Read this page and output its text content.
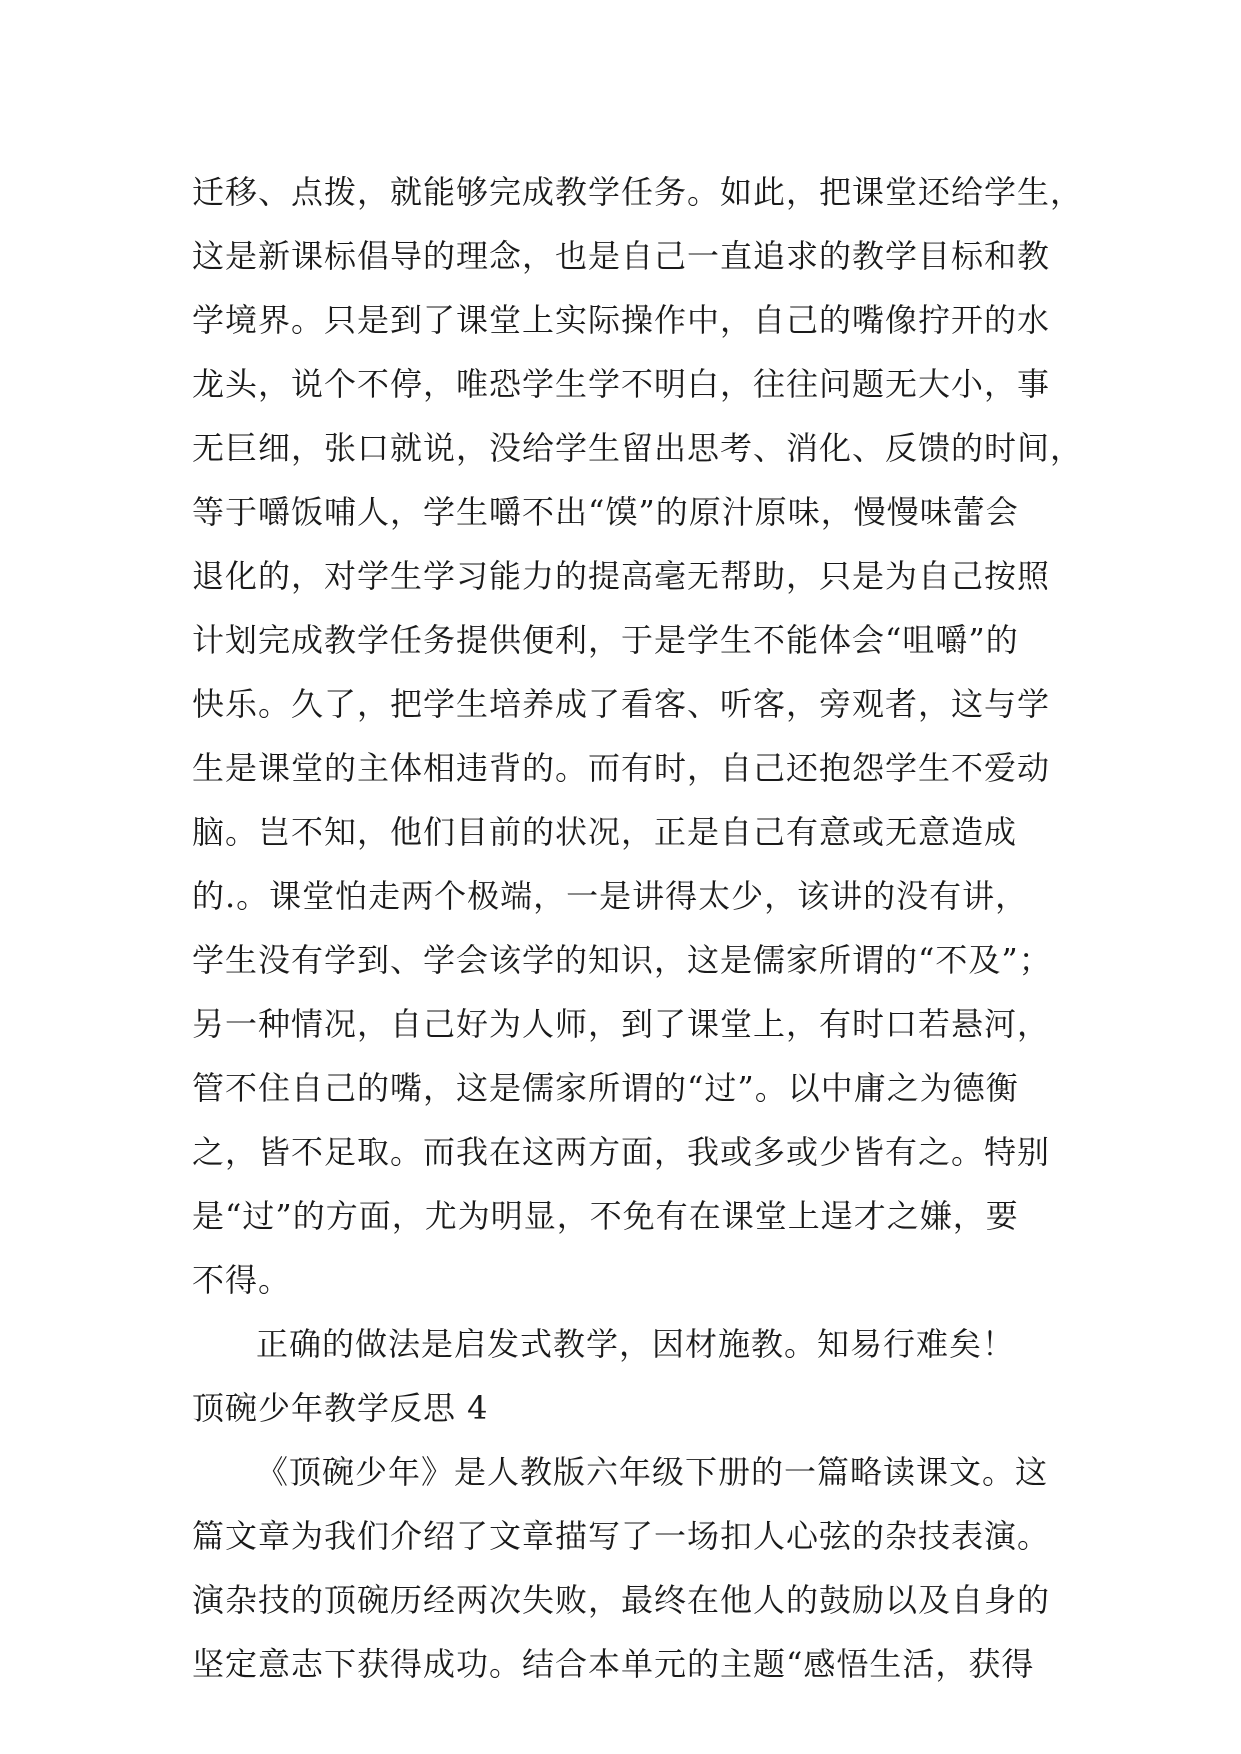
迁移、点拨，就能够完成教学任务。如此，把课堂还给学生，
这是新课标倡导的理念，也是自己一直追求的教学目标和教
学境界。只是到了课堂上实际操作中，自己的嘴像拧开的水
龙头，说个不停，唯恐学生学不明白，往往问题无大小，事
无巨细，张口就说，没给学生留出思考、消化、反馈的时间，
等于嚼饭哺人，学生嚼不出“馍”的原汁原味，慢慢味蕾会
退化的，对学生学习能力的提高毫无帮助，只是为自己按照
计划完成教学任务提供便利，于是学生不能体会“咀嚼”的
快乐。久了，把学生培养成了看客、听客，旁观者，这与学
生是课堂的主体相违背的。而有时，自己还抱怨学生不爱动
脑。岂不知，他们目前的状况，正是自己有意或无意造成
的.。课堂怕走两个极端，一是讲得太少，该讲的没有讲，
学生没有学到、学会该学的知识，这是儒家所谓的“不及”；
另一种情况，自己好为人师，到了课堂上，有时口若悬河，
管不住自己的嘴，这是儒家所谓的“过”。以中庸之为德衡
之，皆不足取。而我在这两方面，我或多或少皆有之。特别
是“过”的方面，尤为明显，不免有在课堂上逞才之嫌，要
不得。
正确的做法是启发式教学，因材施教。知易行难矣！
顶碗少年教学反思 4
《顶碗少年》是人教版六年级下册的一篇略读课文。这
篇文章为我们介绍了文章描写了一场扣人心弦的杂技表演。
演杂技的顶碗历经两次失败，最终在他人的鼓励以及自身的
坚定意志下获得成功。结合本单元的主题“感悟生活，获得
